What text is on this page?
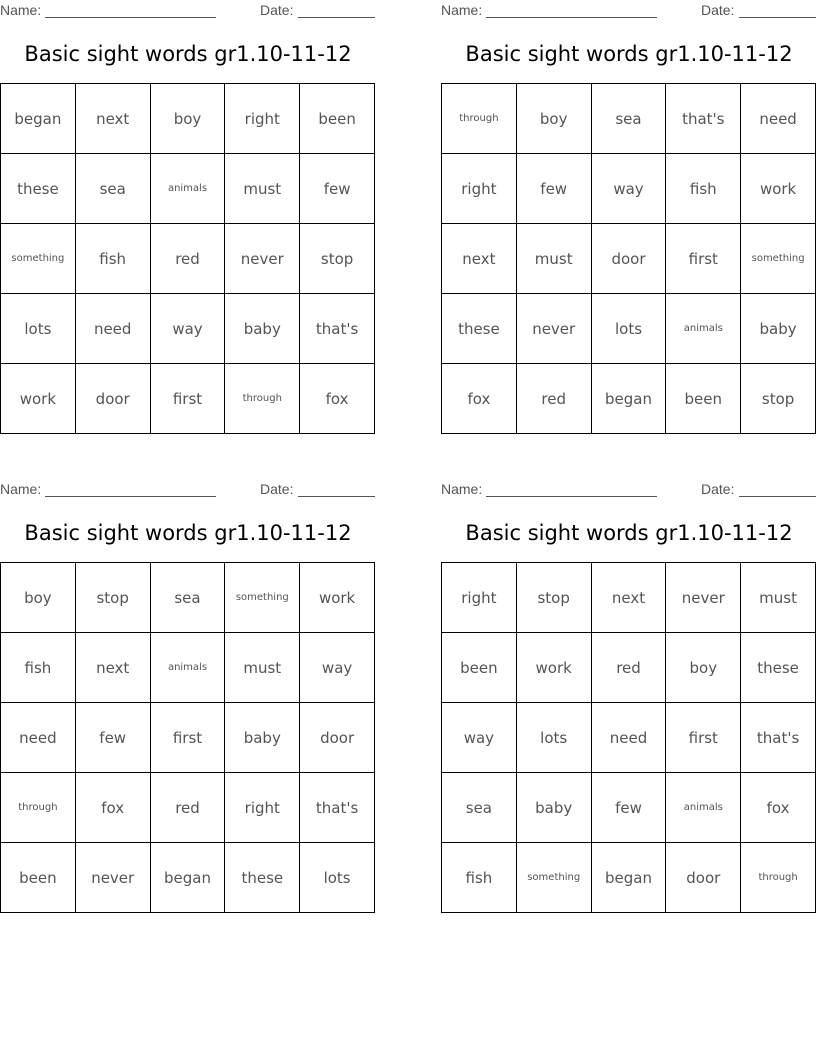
Name:	Date:
Basic sight words gr1.10-11-12
began	next	boy	right	been
these	sea	animals	must	few
something	fish	red	never	stop
lots	need	way	baby	that's
work	door	first	through	fox
Name:	Date:
Basic sight words gr1.10-11-12
through	boy	sea	that's	need
right	few	way	fish	work
next	must	door	first	something
these	never	lots	animals	baby
fox	red	began	been	stop
Name:	Date:
Basic sight words gr1.10-11-12
boy	stop	sea	something	work
fish	next	animals	must	way
need	few	first	baby	door
through	fox	red	right	that's
been	never	began	these	lots
Name:	Date:
Basic sight words gr1.10-11-12
right	stop	next	never	must
been	work	red	boy	these
way	lots	need	first	that's
sea	baby	few	animals	fox
fish	something	began	door	through
